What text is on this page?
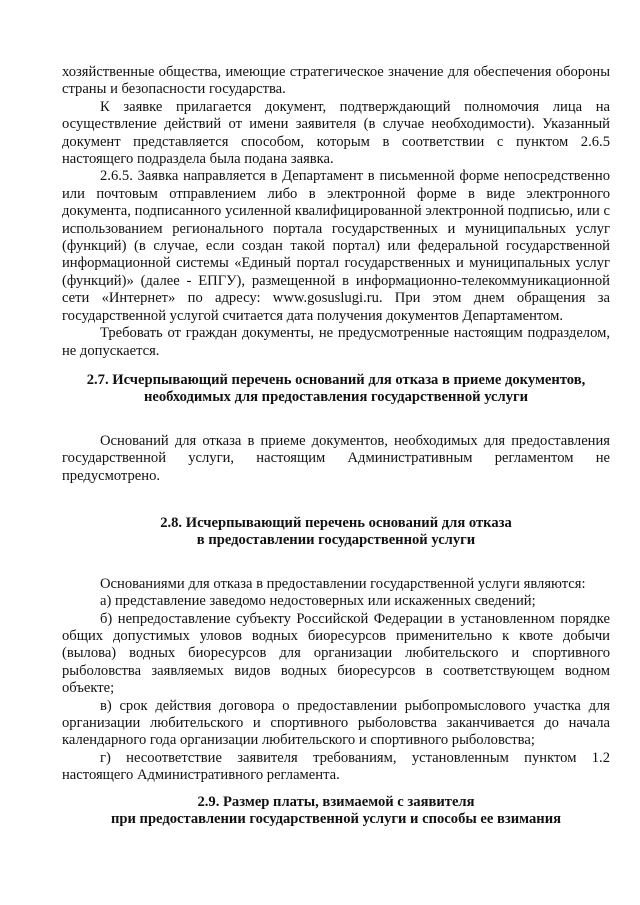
хозяйственные общества, имеющие стратегическое значение для обеспечения обороны страны и безопасности государства.

К заявке прилагается документ, подтверждающий полномочия лица на осуществление действий от имени заявителя (в случае необходимости). Указанный документ представляется способом, которым в соответствии с пунктом 2.6.5 настоящего подраздела была подана заявка.

2.6.5. Заявка направляется в Департамент в письменной форме непосредственно или почтовым отправлением либо в электронной форме в виде электронного документа, подписанного усиленной квалифицированной электронной подписью, или с использованием регионального портала государственных и муниципальных услуг (функций) (в случае, если создан такой портал) или федеральной государственной информационной системы «Единый портал государственных и муниципальных услуг (функций)» (далее - ЕПГУ), размещенной в информационно-телекоммуникационной сети «Интернет» по адресу: www.gosuslugi.ru. При этом днем обращения за государственной услугой считается дата получения документов Департаментом.

Требовать от граждан документы, не предусмотренные настоящим подразделом, не допускается.

2.7. Исчерпывающий перечень оснований для отказа в приеме документов,
необходимых для предоставления государственной услуги

Оснований для отказа в приеме документов, необходимых для предоставления государственной услуги, настоящим Административным регламентом не предусмотрено.

2.8. Исчерпывающий перечень оснований для отказа
в предоставлении государственной услуги

Основаниями для отказа в предоставлении государственной услуги являются:

а) представление заведомо недостоверных или искаженных сведений;

б) непредоставление субъекту Российской Федерации в установленном порядке общих допустимых уловов водных биоресурсов применительно к квоте добычи (вылова) водных биоресурсов для организации любительского и спортивного рыболовства заявляемых видов водных биоресурсов в соответствующем водном объекте;

в) срок действия договора о предоставлении рыбопромыслового участка для организации любительского и спортивного рыболовства заканчивается до начала календарного года организации любительского и спортивного рыболовства;

г) несоответствие заявителя требованиям, установленным пунктом 1.2 настоящего Административного регламента.

2.9. Размер платы, взимаемой с заявителя
при предоставлении государственной услуги и способы ее взимания
